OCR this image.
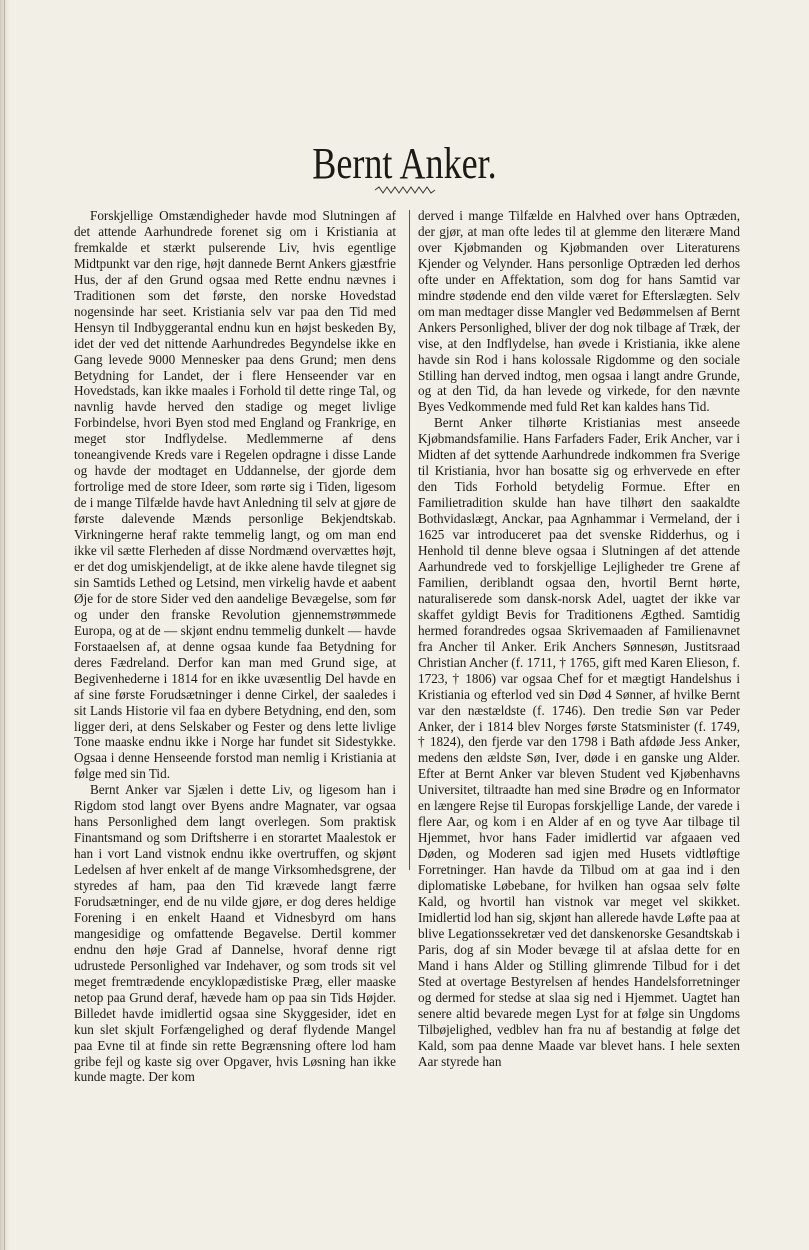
Bernt Anker.

Forskjellige Omstændigheder havde mod Slutningen af det attende Aarhundrede forenet sig om i Kristiania at fremkalde et stærkt pulserende Liv, hvis egentlige Midtpunkt var den rige, højt dannede Bernt Ankers gjæstfrie Hus, der af den Grund ogsaa med Rette endnu nævnes i Traditionen som det første, den norske Hovedstad nogensinde har seet. Kristiania selv var paa den Tid med Hensyn til Indbyggerantal endnu kun en højst beskeden By, idet der ved det nittende Aarhundredes Begyndelse ikke en Gang levede 9000 Mennesker paa dens Grund; men dens Betydning for Landet, der i flere Henseender var en Hovedstads, kan ikke maales i Forhold til dette ringe Tal, og navnlig havde herved den stadige og meget livlige Forbindelse, hvori Byen stod med England og Frankrige, en meget stor Indflydelse. Medlemmerne af dens toneangivende Kreds vare i Regelen opdragne i disse Lande og havde der modtaget en Uddannelse, der gjorde dem fortrolige med de store Ideer, som rørte sig i Tiden, ligesom de i mange Tilfælde havde havt Anledning til selv at gjøre de første dalevende Mænds personlige Bekjendtskab. Virkningerne heraf rakte temmelig langt, og om man end ikke vil sætte Flerheden af disse Nordmænd overvættes højt, er det dog umiskjendeligt, at de ikke alene havde tilegnet sig sin Samtids Lethed og Letsind, men virkelig havde et aabent Øje for de store Sider ved den aandelige Bevægelse, som før og under den franske Revolution gjennemstrømmede Europa, og at de — skjønt endnu temmelig dunkelt — havde Forstaaelsen af, at denne ogsaa kunde faa Betydning for deres Fædreland. Derfor kan man med Grund sige, at Begivenhederne i 1814 for en ikke uvæsentlig Del havde en af sine første Forudsætninger i denne Cirkel, der saaledes i sit Lands Historie vil faa en dybere Betydning, end den, som ligger deri, at dens Selskaber og Fester og dens lette livlige Tone maaske endnu ikke i Norge har fundet sit Sidestykke. Ogsaa i denne Henseende forstod man nemlig i Kristiania at følge med sin Tid.

Bernt Anker var Sjælen i dette Liv, og ligesom han i Rigdom stod langt over Byens andre Magnater, var ogsaa hans Personlighed dem langt overlegen. Som praktisk Finantsmand og som Driftsherre i en storartet Maalestok er han i vort Land vistnok endnu ikke overtruffen, og skjønt Ledelsen af hver enkelt af de mange Virksomhedsgrene, der styredes af ham, paa den Tid krævede langt færre Forudsætninger, end de nu vilde gjøre, er dog deres heldige Forening i en enkelt Haand et Vidnesbyrd om hans mangesidige og omfattende Begavelse. Dertil kommer endnu den høje Grad af Dannelse, hvoraf denne rigt udrustede Personlighed var Indehaver, og som trods sit vel meget fremtrædende encyklopædistiske Præg, eller maaske netop paa Grund deraf, hævede ham op paa sin Tids Højder. Billedet havde imidlertid ogsaa sine Skyggesider, idet en kun slet skjult Forfængelighed og deraf flydende Mangel paa Evne til at finde sin rette Begrænsning oftere lod ham gribe fejl og kaste sig over Opgaver, hvis Løsning han ikke kunde magte. Der kom

derved i mange Tilfælde en Halvhed over hans Optræden, der gjør, at man ofte ledes til at glemme den literære Mand over Kjøbmanden og Kjøbmanden over Literaturens Kjender og Velynder. Hans personlige Optræden led derhos ofte under en Affektation, som dog for hans Samtid var mindre stødende end den vilde været for Efterslægten. Selv om man medtager disse Mangler ved Bedømmelsen af Bernt Ankers Personlighed, bliver der dog nok tilbage af Træk, der vise, at den Indflydelse, han øvede i Kristiania, ikke alene havde sin Rod i hans kolossale Rigdomme og den sociale Stilling han derved indtog, men ogsaa i langt andre Grunde, og at den Tid, da han levede og virkede, for den nævnte Byes Vedkommende med fuld Ret kan kaldes hans Tid.

Bernt Anker tilhørte Kristianias mest anseede Kjøbmandsfamilie. Hans Farfaders Fader, Erik Ancher, var i Midten af det syttende Aarhundrede indkommen fra Sverige til Kristiania, hvor han bosatte sig og erhvervede en efter den Tids Forhold betydelig Formue. Efter en Familietradition skulde han have tilhørt den saakaldte Bothvidaslægt, Anckar, paa Agnhammar i Vermeland, der i 1625 var introduceret paa det svenske Ridderhus, og i Henhold til denne bleve ogsaa i Slutningen af det attende Aarhundrede ved to forskjellige Lejligheder tre Grene af Familien, deriblandt ogsaa den, hvortil Bernt hørte, naturaliserede som dansk-norsk Adel, uagtet der ikke var skaffet gyldigt Bevis for Traditionens Ægthed. Samtidig hermed forandredes ogsaa Skrivemaaden af Familienavnet fra Ancher til Anker. Erik Anchers Sønnesøn, Justitsraad Christian Ancher (f. 1711, † 1765, gift med Karen Elieson, f. 1723, † 1806) var ogsaa Chef for et mægtigt Handelshus i Kristiania og efterlod ved sin Død 4 Sønner, af hvilke Bernt var den næstældste (f. 1746). Den tredie Søn var Peder Anker, der i 1814 blev Norges første Statsminister (f. 1749, † 1824), den fjerde var den 1798 i Bath afdøde Jess Anker, medens den ældste Søn, Iver, døde i en ganske ung Alder. Efter at Bernt Anker var bleven Student ved Kjøbenhavns Universitet, tiltraadte han med sine Brødre og en Informator en længere Rejse til Europas forskjellige Lande, der varede i flere Aar, og kom i en Alder af en og tyve Aar tilbage til Hjemmet, hvor hans Fader imidlertid var afgaaen ved Døden, og Moderen sad igjen med Husets vidtløftige Forretninger. Han havde da Tilbud om at gaa ind i den diplomatiske Løbebane, for hvilken han ogsaa selv følte Kald, og hvortil han vistnok var meget vel skikket. Imidlertid lod han sig, skjønt han allerede havde Løfte paa at blive Legationssekretær ved det danskenorske Gesandtskab i Paris, dog af sin Moder bevæge til at afslaa dette for en Mand i hans Alder og Stilling glimrende Tilbud for i det Sted at overtage Bestyrelsen af hendes Handelsforretninger og dermed for stedse at slaa sig ned i Hjemmet. Uagtet han senere altid bevarede megen Lyst for at følge sin Ungdoms Tilbøjelighed, vedblev han fra nu af bestandig at følge det Kald, som paa denne Maade var blevet hans. I hele sexten Aar styrede han
